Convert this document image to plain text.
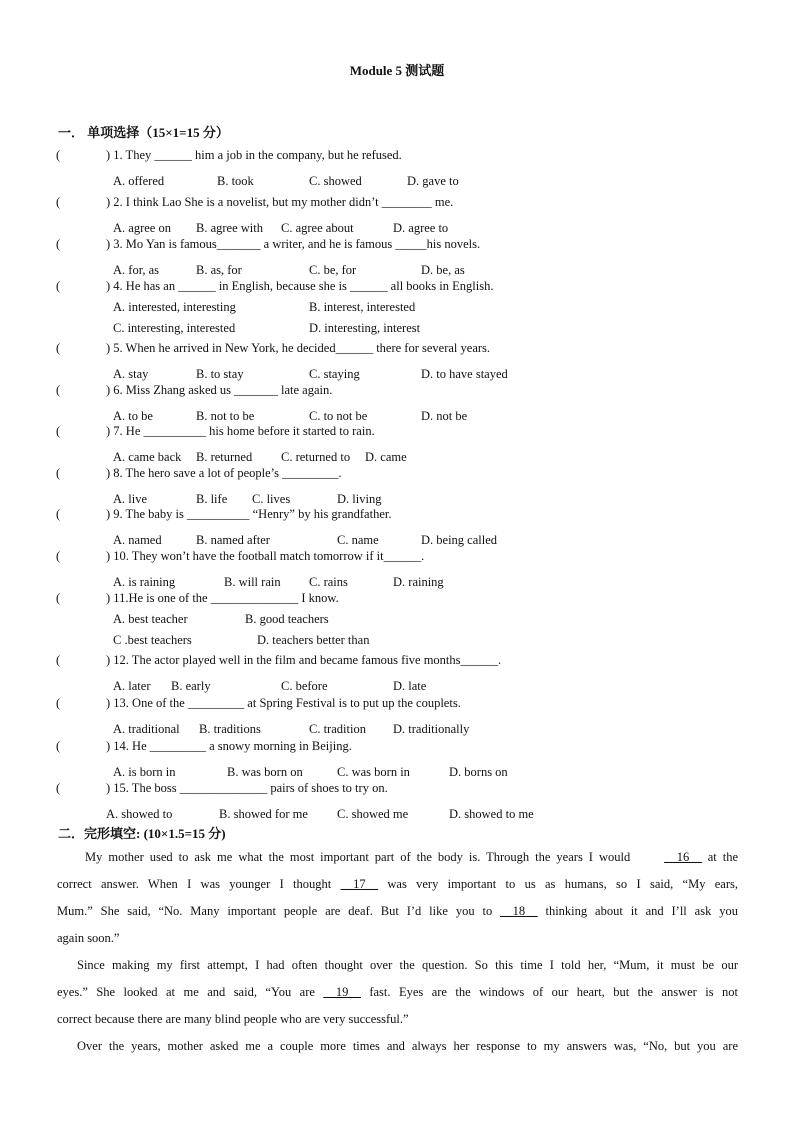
Module 5 测试题
一． 单项选择（15×1=15 分）
(	) 1. They ______ him a job in the company, but he refused.
A. offered	B. took	C. showed	D. gave to
(	) 2. I think Lao She is a novelist, but my mother didn’t ________ me.
A. agree on B. agree with C. agree about	D. agree to
(	) 3. Mo Yan is famous_______ a writer, and he is famous _____his novels.
A. for, as	B. as, for	C. be, for	D. be, as
(	) 4. He has an ______ in English, because she is ______ all books in English.
A. interested, interesting	B. interest, interested
C. interesting, interested	D. interesting, interest
(	) 5. When he arrived in New York, he decided______ there for several years.
A. stay	B. to stay	C. staying	D. to have stayed
(	) 6. Miss Zhang asked us _______ late again.
A. to be	B. not to be	C. to not be	D. not be
(	) 7. He __________ his home before it started to rain.
A. came back B. returned C. returned to D. came
(	) 8. The hero save a lot of people’s _________.
A. live	B. life C. lives	D. living
(	) 9. The baby is __________ “Henry” by his grandfather.
A. named	B. named after	C. name	D. being called
(	) 10. They won’t have the football match tomorrow if it______.
A. is raining	B. will rain C. rains	D. raining
(	) 11.He is one of the ______________ I know.
A. best teacher	B. good teachers
C .best teachers	D. teachers better than
(	) 12. The actor played well in the film and became famous five months______.
A. later B. early	C. before	D. late
(	) 13. One of the _________ at Spring Festival is to put up the couplets.
A. traditional B. traditions	C. tradition D. traditionally
(	) 14. He _________ a snowy morning in Beijing.
A. is born in	B. was born on	C. was born in	D. borns on
(	) 15. The boss ______________ pairs of shoes to try on.
A. showed to	B. showed for me C. showed me	D. showed to me
二．完形填空: (10×1.5=15 分)
My mother used to ask me what the most important part of the body is. Through the years I would __16__ at the
correct answer. When I was younger I thought __17__ was very important to us as humans, so I said, “My ears,
Mum.” She said, “No. Many important people are deaf. But I’d like you to __18__ thinking about it and I’ll ask you
again soon.”
Since making my first attempt, I had often thought over the question. So this time I told her, “Mum, it must be our
eyes.” She looked at me and said, “You are __19__ fast. Eyes are the windows of our heart, but the answer is not
correct because there are many blind people who are very successful.”
Over the years, mother asked me a couple more times and always her response to my answers was, “No, but you are
